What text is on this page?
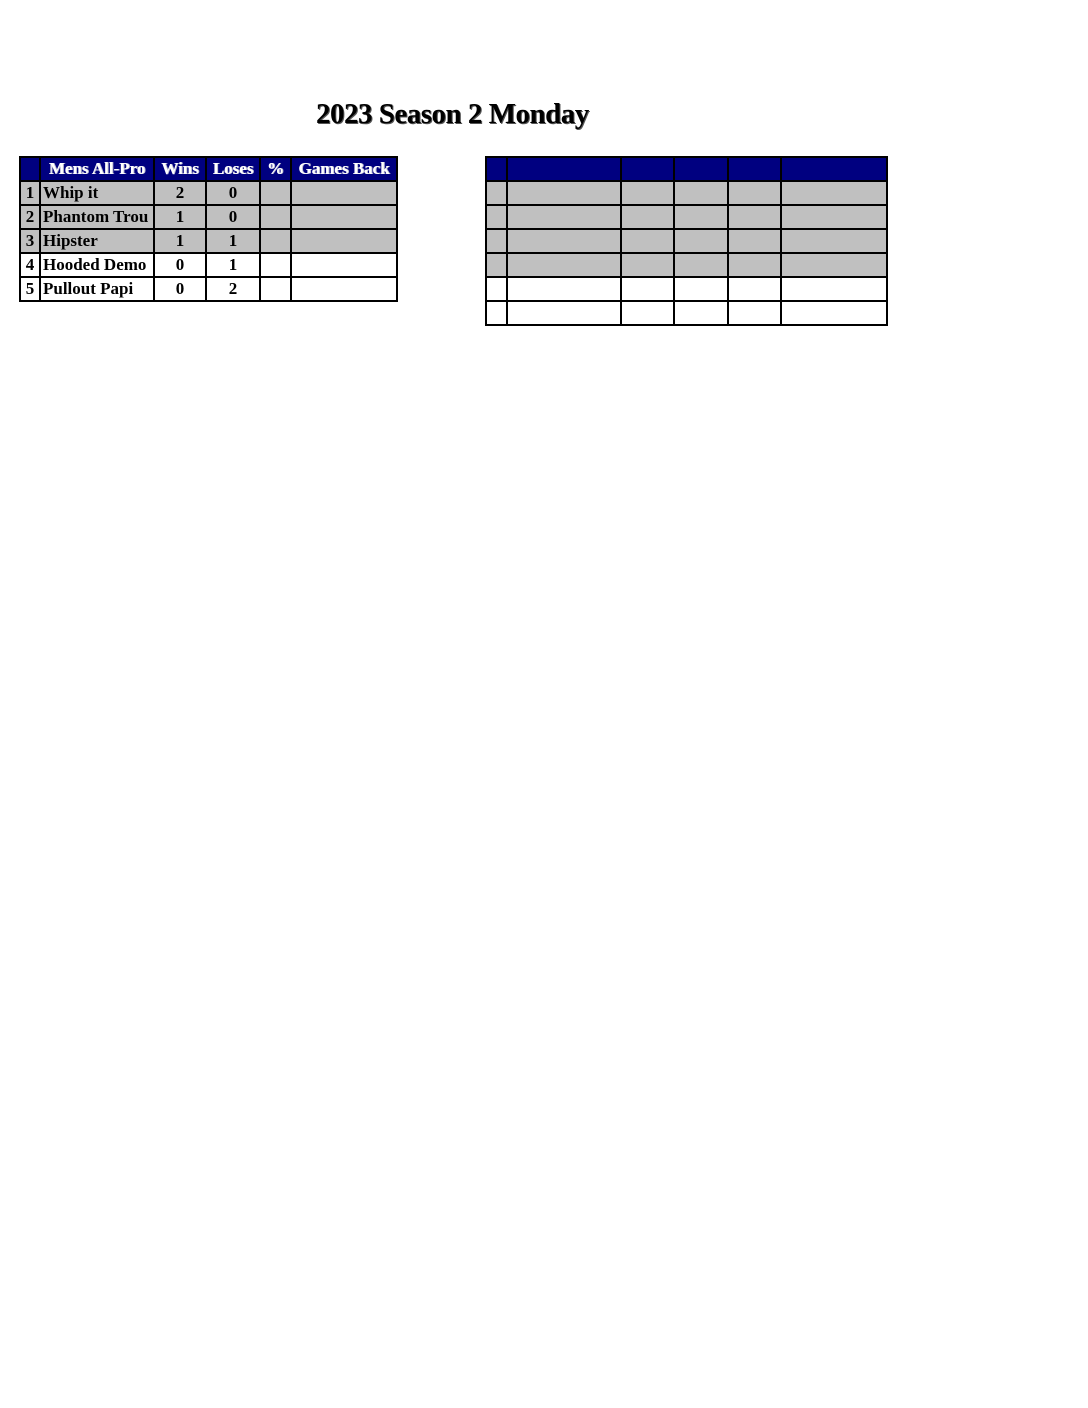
2023 Season 2 Monday
	Mens All-Pro	Wins	Loses	%	Games Back
1	Whip it	2	0		
2	Phantom Trou	1	0		
3	Hipster	1	1		
4	Hooded Demo	0	1		
5	Pullout Papi	0	2		
